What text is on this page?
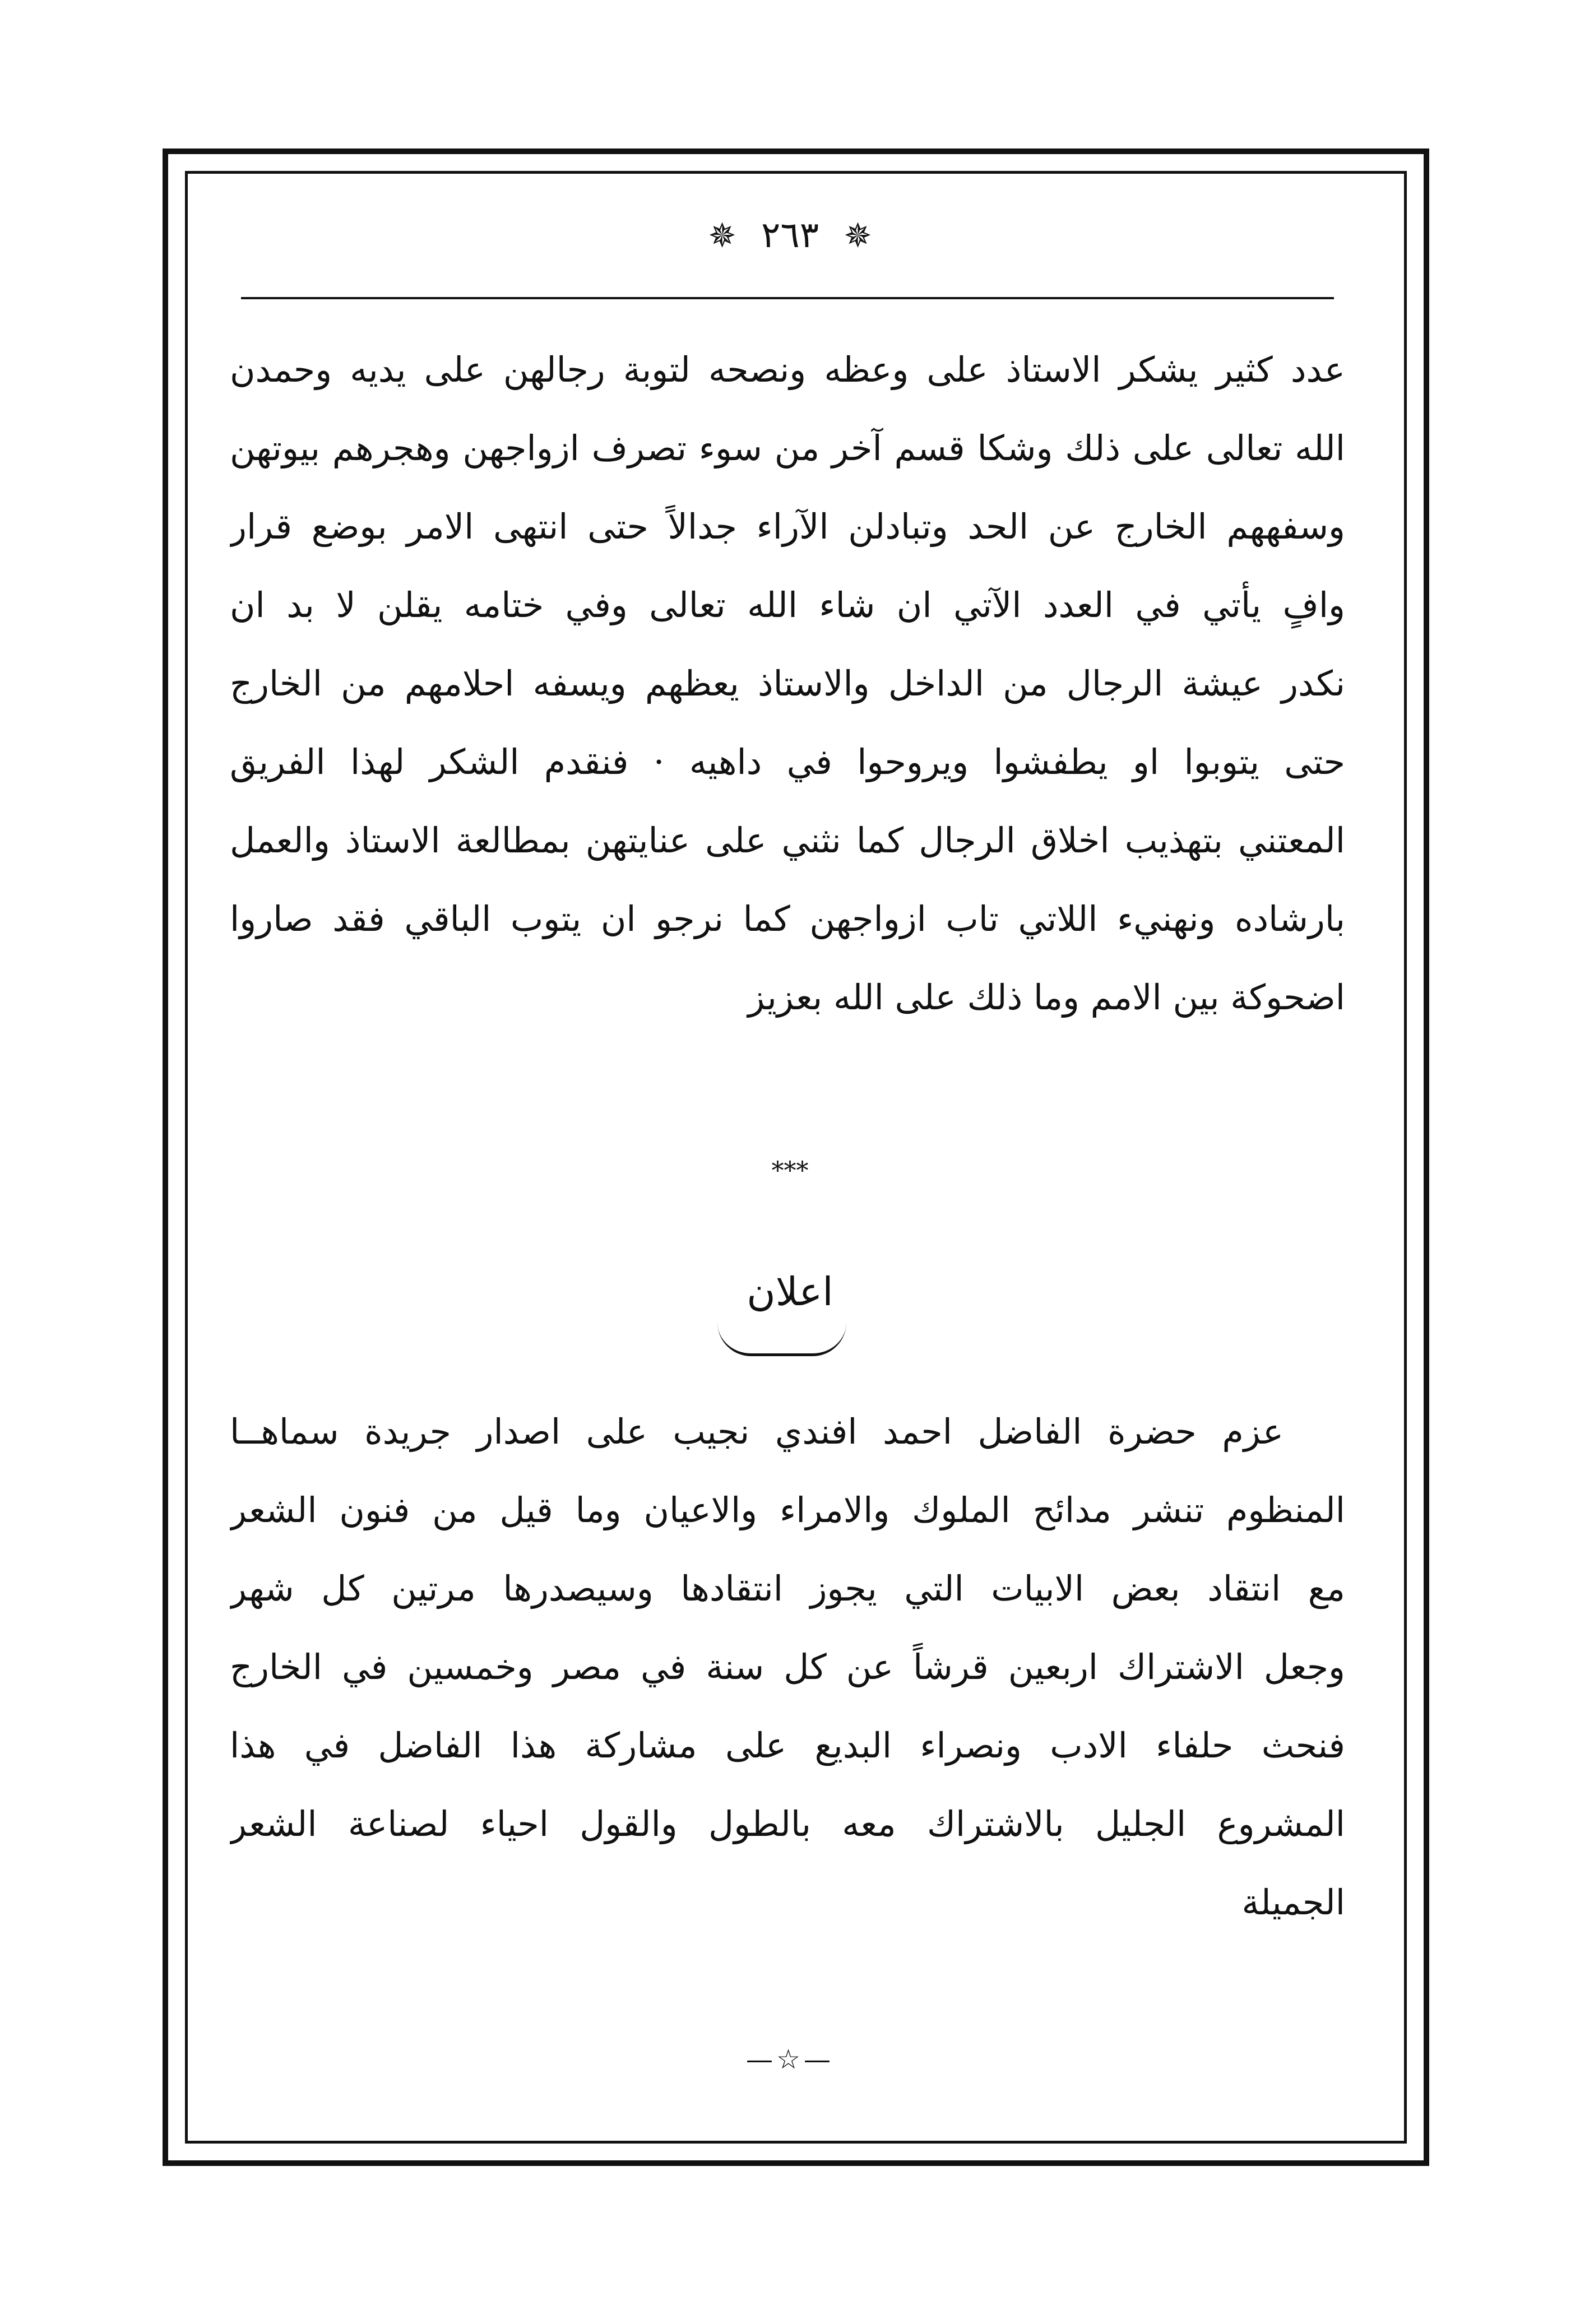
✵ ٢٦٣ ✵
عدد كثير يشكر الاستاذ على وعظه ونصحه لتوبة رجالهن على يديه وحمدن
الله تعالى على ذلك وشكا قسم آخر من سوء تصرف ازواجهن وهجرهم بيوتهن
وسفههم الخارج عن الحد وتبادلن الآراء جدالاً حتى انتهى الامر بوضع قرار
وافٍ يأتي في العدد الآتي ان شاء الله تعالى وفي ختامه يقلن لا بد ان
نكدر عيشة الرجال من الداخل والاستاذ يعظهم ويسفه احلامهم من الخارج
حتى يتوبوا او يطفشوا ويروحوا في داهيه · فنقدم الشكر لهذا الفريق
المعتني بتهذيب اخلاق الرجال كما نثني على عنايتهن بمطالعة الاستاذ والعمل
بارشاده ونهنيء اللاتي تاب ازواجهن كما نرجو ان يتوب الباقي فقد صاروا
اضحوكة بين الامم وما ذلك على الله بعزيز
***
اعلان
عزم حضرة الفاضل احمد افندي نجيب على اصدار جريدة سماهــا
المنظوم تنشر مدائح الملوك والامراء والاعيان وما قيل من فنون الشعر
مع انتقاد بعض الابيات التي يجوز انتقادها وسيصدرها مرتين كل شهر
وجعل الاشتراك اربعين قرشاً عن كل سنة في مصر وخمسين في الخارج
فنحث حلفاء الادب ونصراء البديع على مشاركة هذا الفاضل في هذا
المشروع الجليل بالاشتراك معه بالطول والقول احياء لصناعة الشعر
الجميلة
—☆—
